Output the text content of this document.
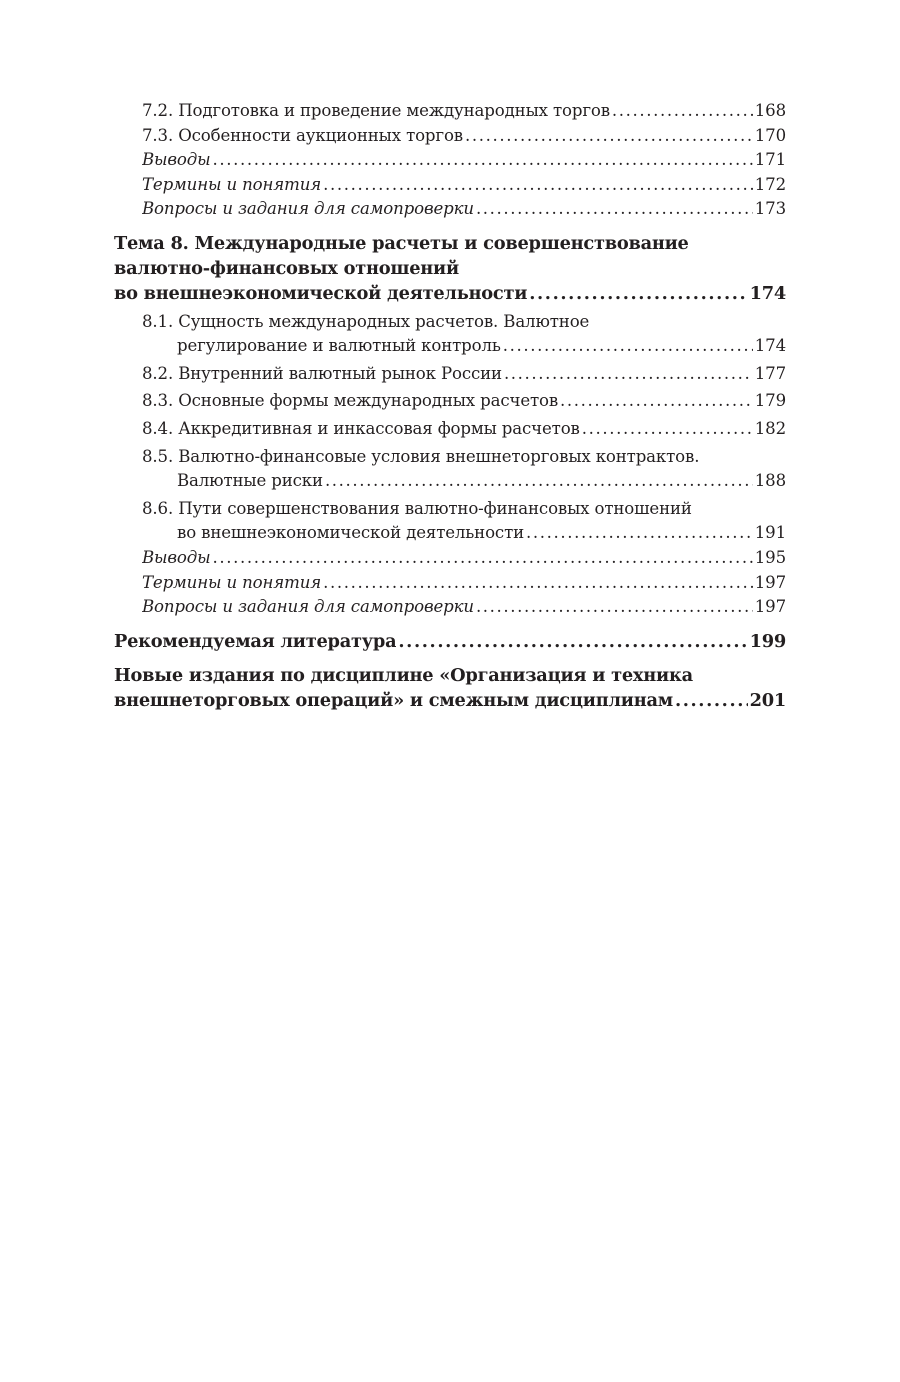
7.2. Подготовка и проведение международных торгов .....	168
7.3. Особенности аукционных торгов .....	170
Выводы .....	171
Термины и понятия .....	172
Вопросы и задания для самопроверки .....	173
Тема 8. Международные расчеты и совершенствование
валютно-финансовых отношений
во внешнеэкономической деятельности .....	174
8.1. Сущность международных расчетов. Валютное
регулирование и валютный контроль .....	174
8.2. Внутренний валютный рынок России .....	177
8.3. Основные формы международных расчетов .....	179
8.4. Аккредитивная и инкассовая формы расчетов .....	182
8.5. Валютно-финансовые условия внешнеторговых контрактов.
Валютные риски .....	188
8.6. Пути совершенствования валютно-финансовых отношений
во внешнеэкономической деятельности .....	191
Выводы .....	195
Термины и понятия .....	197
Вопросы и задания для самопроверки .....	197
Рекомендуемая литература .....	199
Новые издания по дисциплине «Организация и техника
внешнеторговых операций» и смежным дисциплинам .....	201
